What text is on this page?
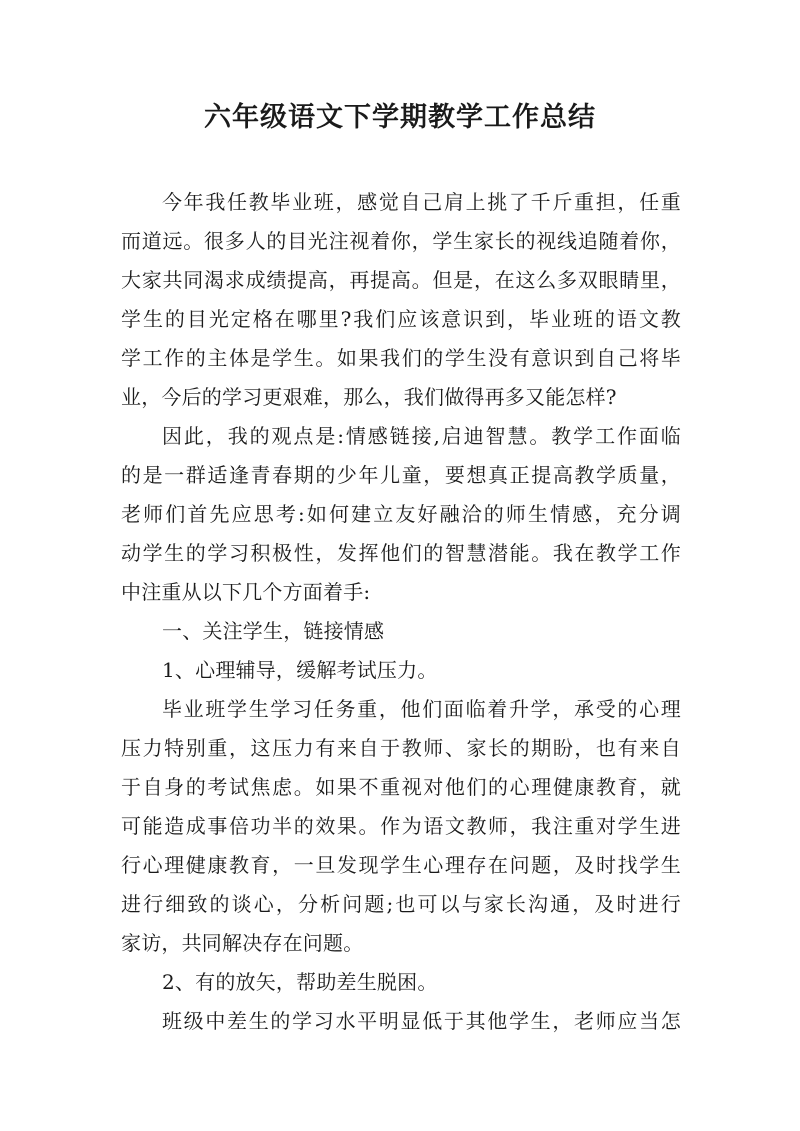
六年级语文下学期教学工作总结
今年我任教毕业班，感觉自己肩上挑了千斤重担，任重
而道远。很多人的目光注视着你，学生家长的视线追随着你，
大家共同渴求成绩提高，再提高。但是，在这么多双眼睛里，
学生的目光定格在哪里?我们应该意识到，毕业班的语文教
学工作的主体是学生。如果我们的学生没有意识到自己将毕
业，今后的学习更艰难，那么，我们做得再多又能怎样?
因此，我的观点是:情感链接,启迪智慧。教学工作面临
的是一群适逢青春期的少年儿童，要想真正提高教学质量，
老师们首先应思考:如何建立友好融洽的师生情感，充分调
动学生的学习积极性，发挥他们的智慧潜能。我在教学工作
中注重从以下几个方面着手:
一、关注学生，链接情感
1、心理辅导，缓解考试压力。
毕业班学生学习任务重，他们面临着升学，承受的心理
压力特别重，这压力有来自于教师、家长的期盼，也有来自
于自身的考试焦虑。如果不重视对他们的心理健康教育，就
可能造成事倍功半的效果。作为语文教师，我注重对学生进
行心理健康教育，一旦发现学生心理存在问题，及时找学生
进行细致的谈心，分析问题;也可以与家长沟通，及时进行
家访，共同解决存在问题。
2、有的放矢，帮助差生脱困。
班级中差生的学习水平明显低于其他学生，老师应当怎
